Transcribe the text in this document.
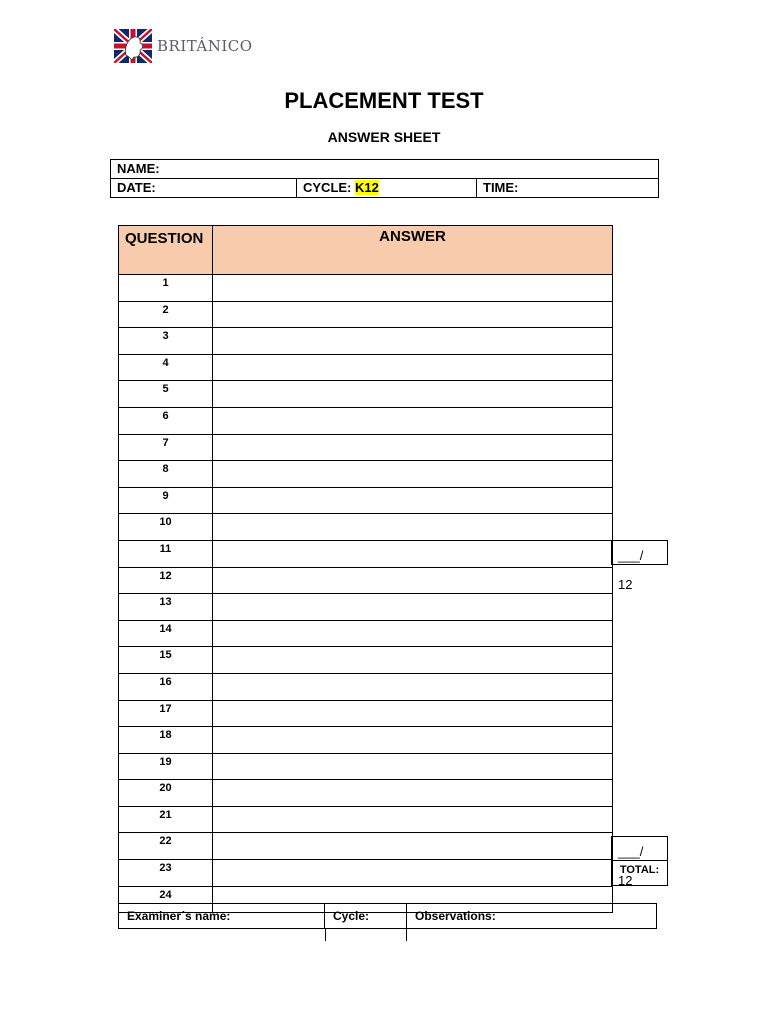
BRITÁNICO
PLACEMENT TEST
ANSWER SHEET
NAME:
DATE:	CYCLE: K12	TIME:
QUESTION	ANSWER
1	
2	
3	
4	
5	
6	
7	
8	
9	
10	
11	
12	
13	
14	
15	
16	
17	
18	
19	
20	
21	
22	
23	
24	
___/ 12
___/ 12
TOTAL:
Examiner´s name:	Cycle:	Observations:
